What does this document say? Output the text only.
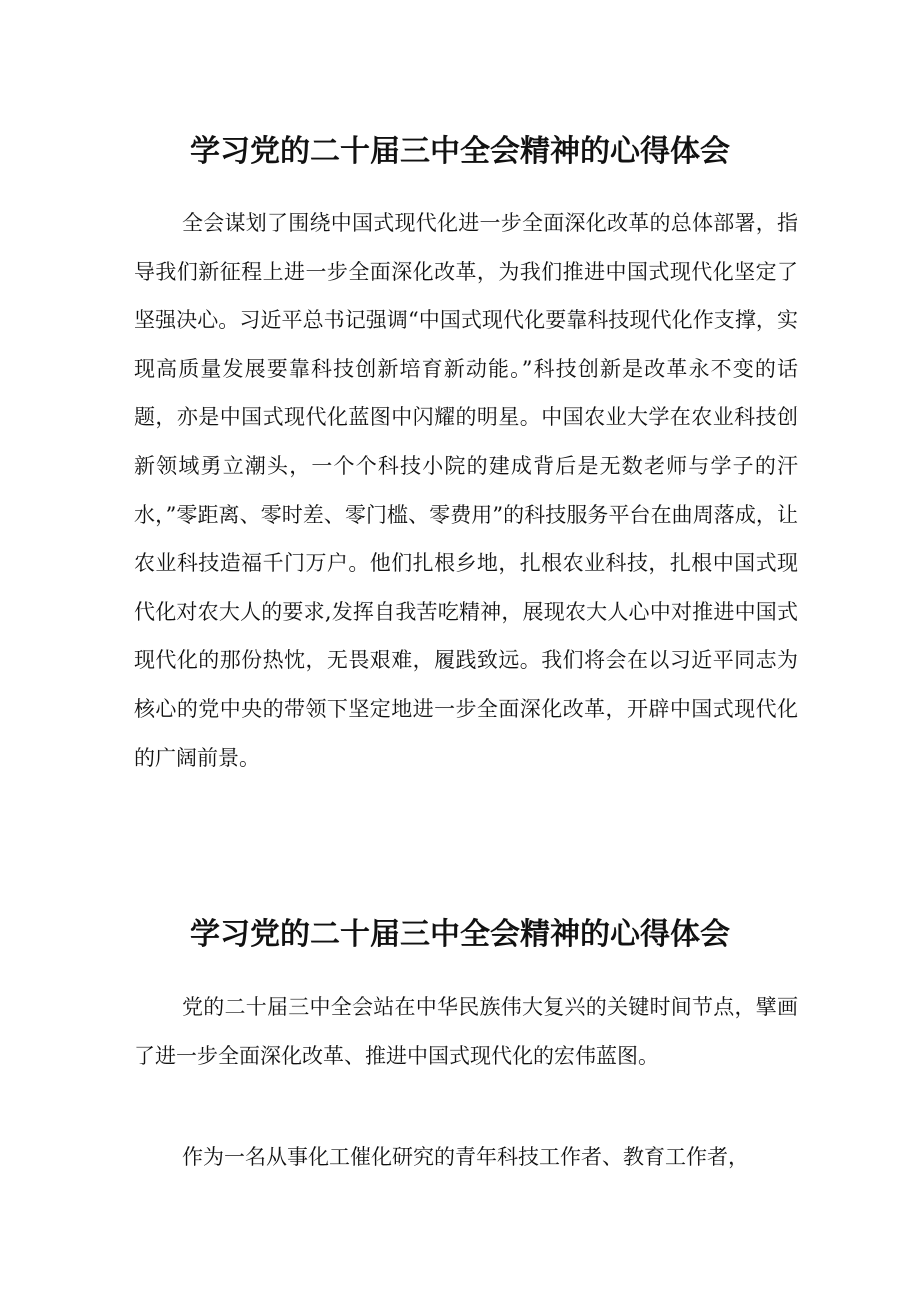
学习党的二十届三中全会精神的心得体会

全会谋划了围绕中国式现代化进一步全面深化改革的总体部署，指导我们新征程上进一步全面深化改革，为我们推进中国式现代化坚定了坚强决心。习近平总书记强调“中国式现代化要靠科技现代化作支撑，实现高质量发展要靠科技创新培育新动能。”科技创新是改革永不变的话题，亦是中国式现代化蓝图中闪耀的明星。中国农业大学在农业科技创新领域勇立潮头，一个个科技小院的建成背后是无数老师与学子的汗水，”零距离、零时差、零门槛、零费用”的科技服务平台在曲周落成，让农业科技造福千门万户。他们扎根乡地，扎根农业科技，扎根中国式现代化对农大人的要求,发挥自我苦吃精神，展现农大人心中对推进中国式现代化的那份热忱，无畏艰难，履践致远。我们将会在以习近平同志为核心的党中央的带领下坚定地进一步全面深化改革，开辟中国式现代化的广阔前景。

学习党的二十届三中全会精神的心得体会

党的二十届三中全会站在中华民族伟大复兴的关键时间节点，擘画了进一步全面深化改革、推进中国式现代化的宏伟蓝图。

作为一名从事化工催化研究的青年科技工作者、教育工作者，
